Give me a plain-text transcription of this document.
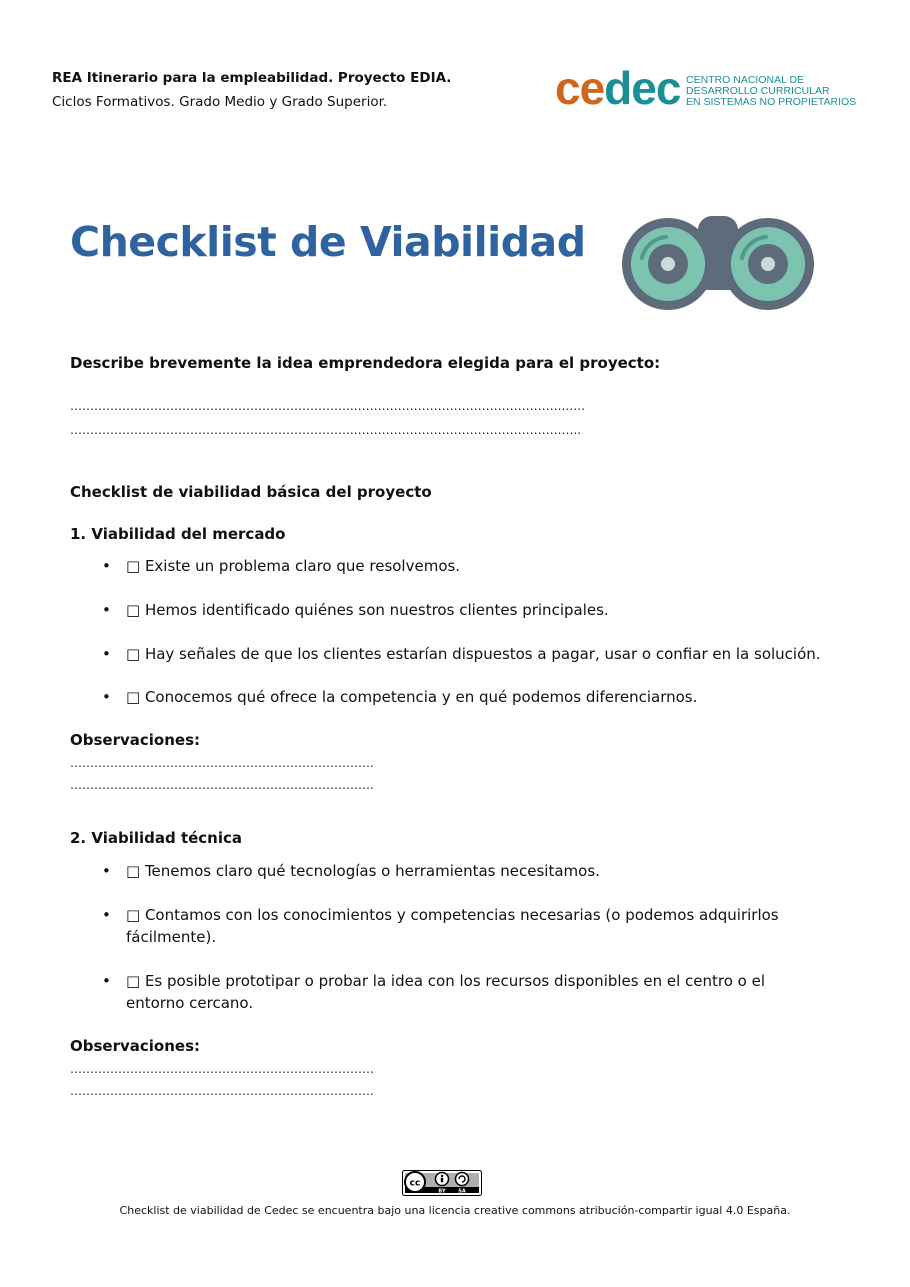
REA Itinerario para la empleabilidad. Proyecto EDIA.
Ciclos Formativos. Grado Medio y Grado Superior.	cedec CENTRO NACIONAL DE
DESARROLLO CURRICULAR
EN SISTEMAS NO PROPIETARIOS
Checklist de Viabilidad
Describe brevemente la idea emprendedora elegida para el proyecto:
……………………………………………………………..……………………………………………..…..
……………………………………………………………..…………………………………………….…..
Checklist de viabilidad básica del proyecto
1. Viabilidad del mercado
• □ Existe un problema claro que resolvemos.
• □ Hemos identificado quiénes son nuestros clientes principales.
• □ Hay señales de que los clientes estarían dispuestos a pagar, usar o confiar en la solución.
• □ Conocemos qué ofrece la competencia y en qué podemos diferenciarnos.
Observaciones:
………………………………………………………………….
………………………………………………………………….
2. Viabilidad técnica
• □ Tenemos claro qué tecnologías o herramientas necesitamos.
• □ Contamos con los conocimientos y competencias necesarias (o podemos adquirirlos fácilmente).
• □ Es posible prototipar o probar la idea con los recursos disponibles en el centro o el entorno cercano.
Observaciones:
………………………………………………………………….
………………………………………………………………….
cc
BY	SA
Checklist de viabilidad de Cedec se encuentra bajo una licencia creative commons atribución-compartir igual 4.0 España.
